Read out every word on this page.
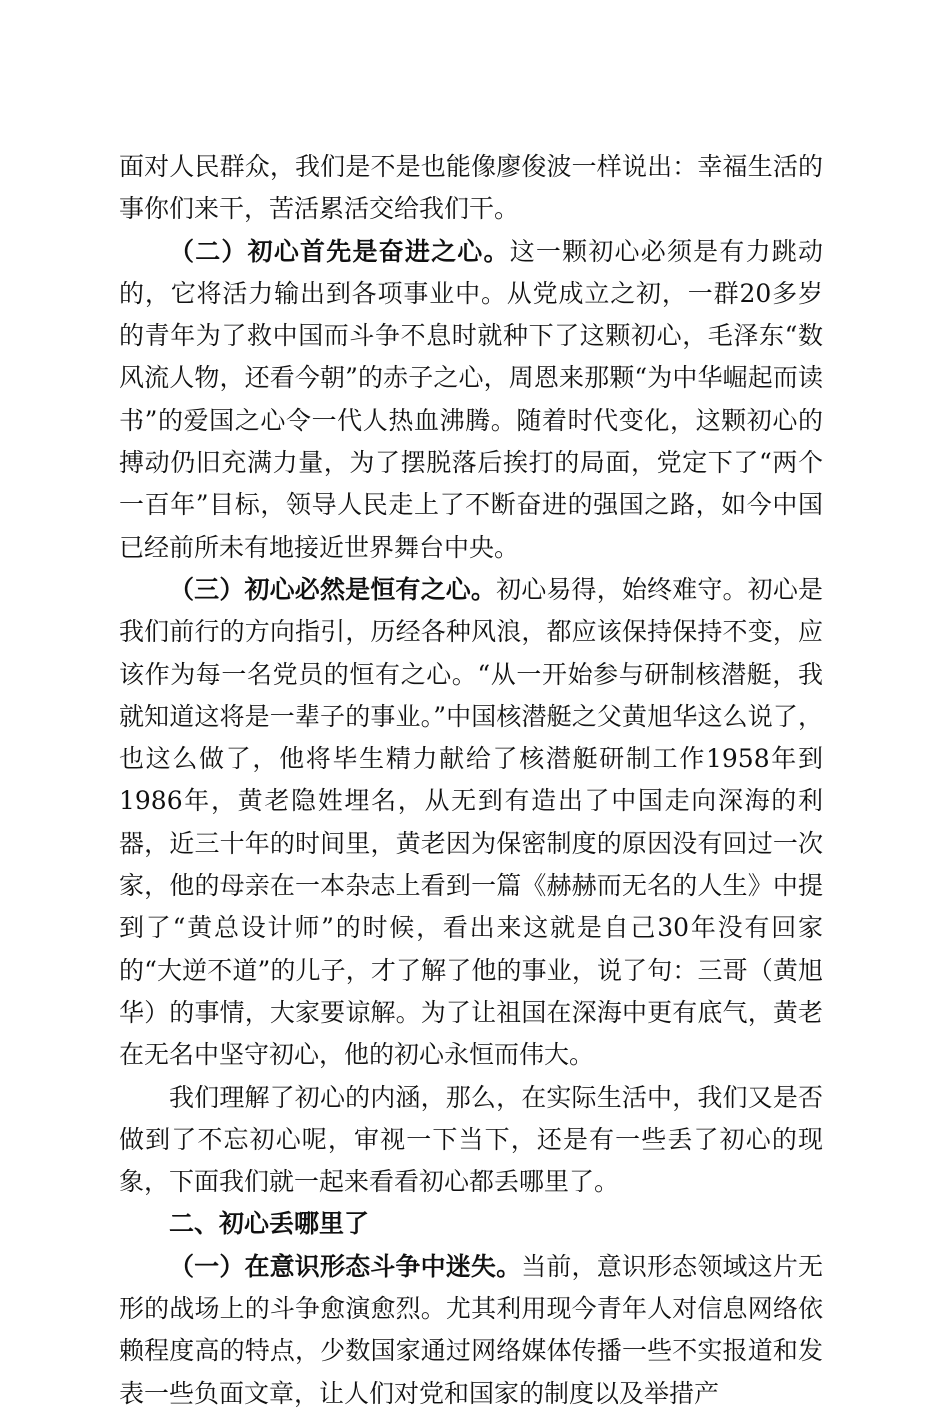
面对人民群众，我们是不是也能像廖俊波一样说出：幸福生活的事你们来干，苦活累活交给我们干。

（二）初心首先是奋进之心。这一颗初心必须是有力跳动的，它将活力输出到各项事业中。从党成立之初，一群20多岁的青年为了救中国而斗争不息时就种下了这颗初心，毛泽东“数风流人物，还看今朝”的赤子之心，周恩来那颗“为中华崛起而读书”的爱国之心令一代人热血沸腾。随着时代变化，这颗初心的搏动仍旧充满力量，为了摆脱落后挨打的局面，党定下了“两个一百年”目标，领导人民走上了不断奋进的强国之路，如今中国已经前所未有地接近世界舞台中央。

（三）初心必然是恒有之心。初心易得，始终难守。初心是我们前行的方向指引，历经各种风浪，都应该保持保持不变，应该作为每一名党员的恒有之心。“从一开始参与研制核潜艇，我就知道这将是一辈子的事业。”中国核潜艇之父黄旭华这么说了，也这么做了，他将毕生精力献给了核潜艇研制工作1958年到1986年，黄老隐姓埋名，从无到有造出了中国走向深海的利器，近三十年的时间里，黄老因为保密制度的原因没有回过一次家，他的母亲在一本杂志上看到一篇《赫赫而无名的人生》中提到了“黄总设计师”的时候，看出来这就是自己30年没有回家的“大逆不道”的儿子，才了解了他的事业，说了句：三哥（黄旭华）的事情，大家要谅解。为了让祖国在深海中更有底气，黄老在无名中坚守初心，他的初心永恒而伟大。

我们理解了初心的内涵，那么，在实际生活中，我们又是否做到了不忘初心呢，审视一下当下，还是有一些丢了初心的现象，下面我们就一起来看看初心都丢哪里了。

二、初心丢哪里了

（一）在意识形态斗争中迷失。当前，意识形态领域这片无形的战场上的斗争愈演愈烈。尤其利用现今青年人对信息网络依赖程度高的特点，少数国家通过网络媒体传播一些不实报道和发表一些负面文章，让人们对党和国家的制度以及举措产
